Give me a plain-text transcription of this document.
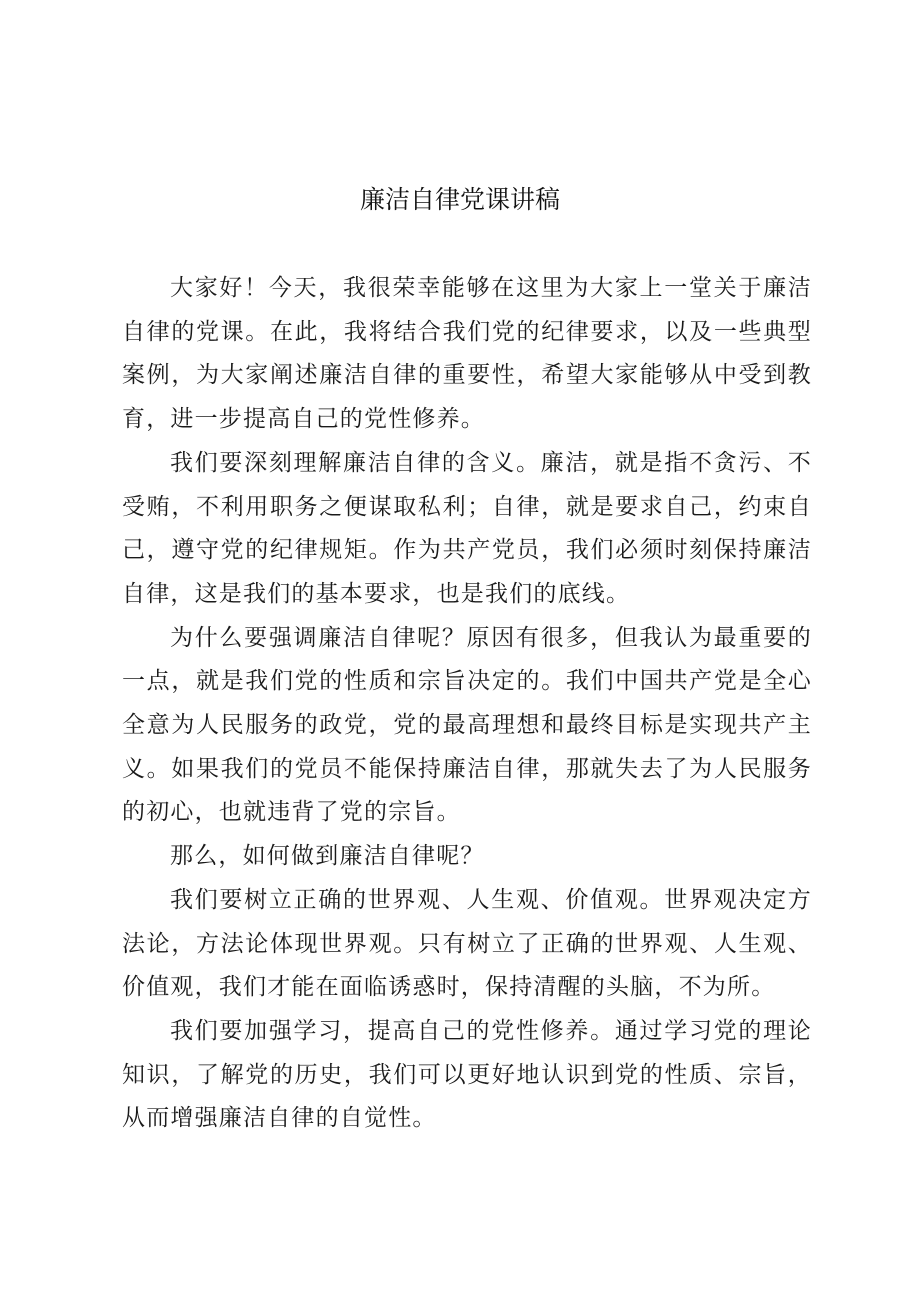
廉洁自律党课讲稿

大家好！今天，我很荣幸能够在这里为大家上一堂关于廉洁自律的党课。在此，我将结合我们党的纪律要求，以及一些典型案例，为大家阐述廉洁自律的重要性，希望大家能够从中受到教育，进一步提高自己的党性修养。

我们要深刻理解廉洁自律的含义。廉洁，就是指不贪污、不受贿，不利用职务之便谋取私利；自律，就是要求自己，约束自己，遵守党的纪律规矩。作为共产党员，我们必须时刻保持廉洁自律，这是我们的基本要求，也是我们的底线。

为什么要强调廉洁自律呢？原因有很多，但我认为最重要的一点，就是我们党的性质和宗旨决定的。我们中国共产党是全心全意为人民服务的政党，党的最高理想和最终目标是实现共产主义。如果我们的党员不能保持廉洁自律，那就失去了为人民服务的初心，也就违背了党的宗旨。

那么，如何做到廉洁自律呢？

我们要树立正确的世界观、人生观、价值观。世界观决定方法论，方法论体现世界观。只有树立了正确的世界观、人生观、价值观，我们才能在面临诱惑时，保持清醒的头脑，不为所。

我们要加强学习，提高自己的党性修养。通过学习党的理论知识，了解党的历史，我们可以更好地认识到党的性质、宗旨，从而增强廉洁自律的自觉性。
